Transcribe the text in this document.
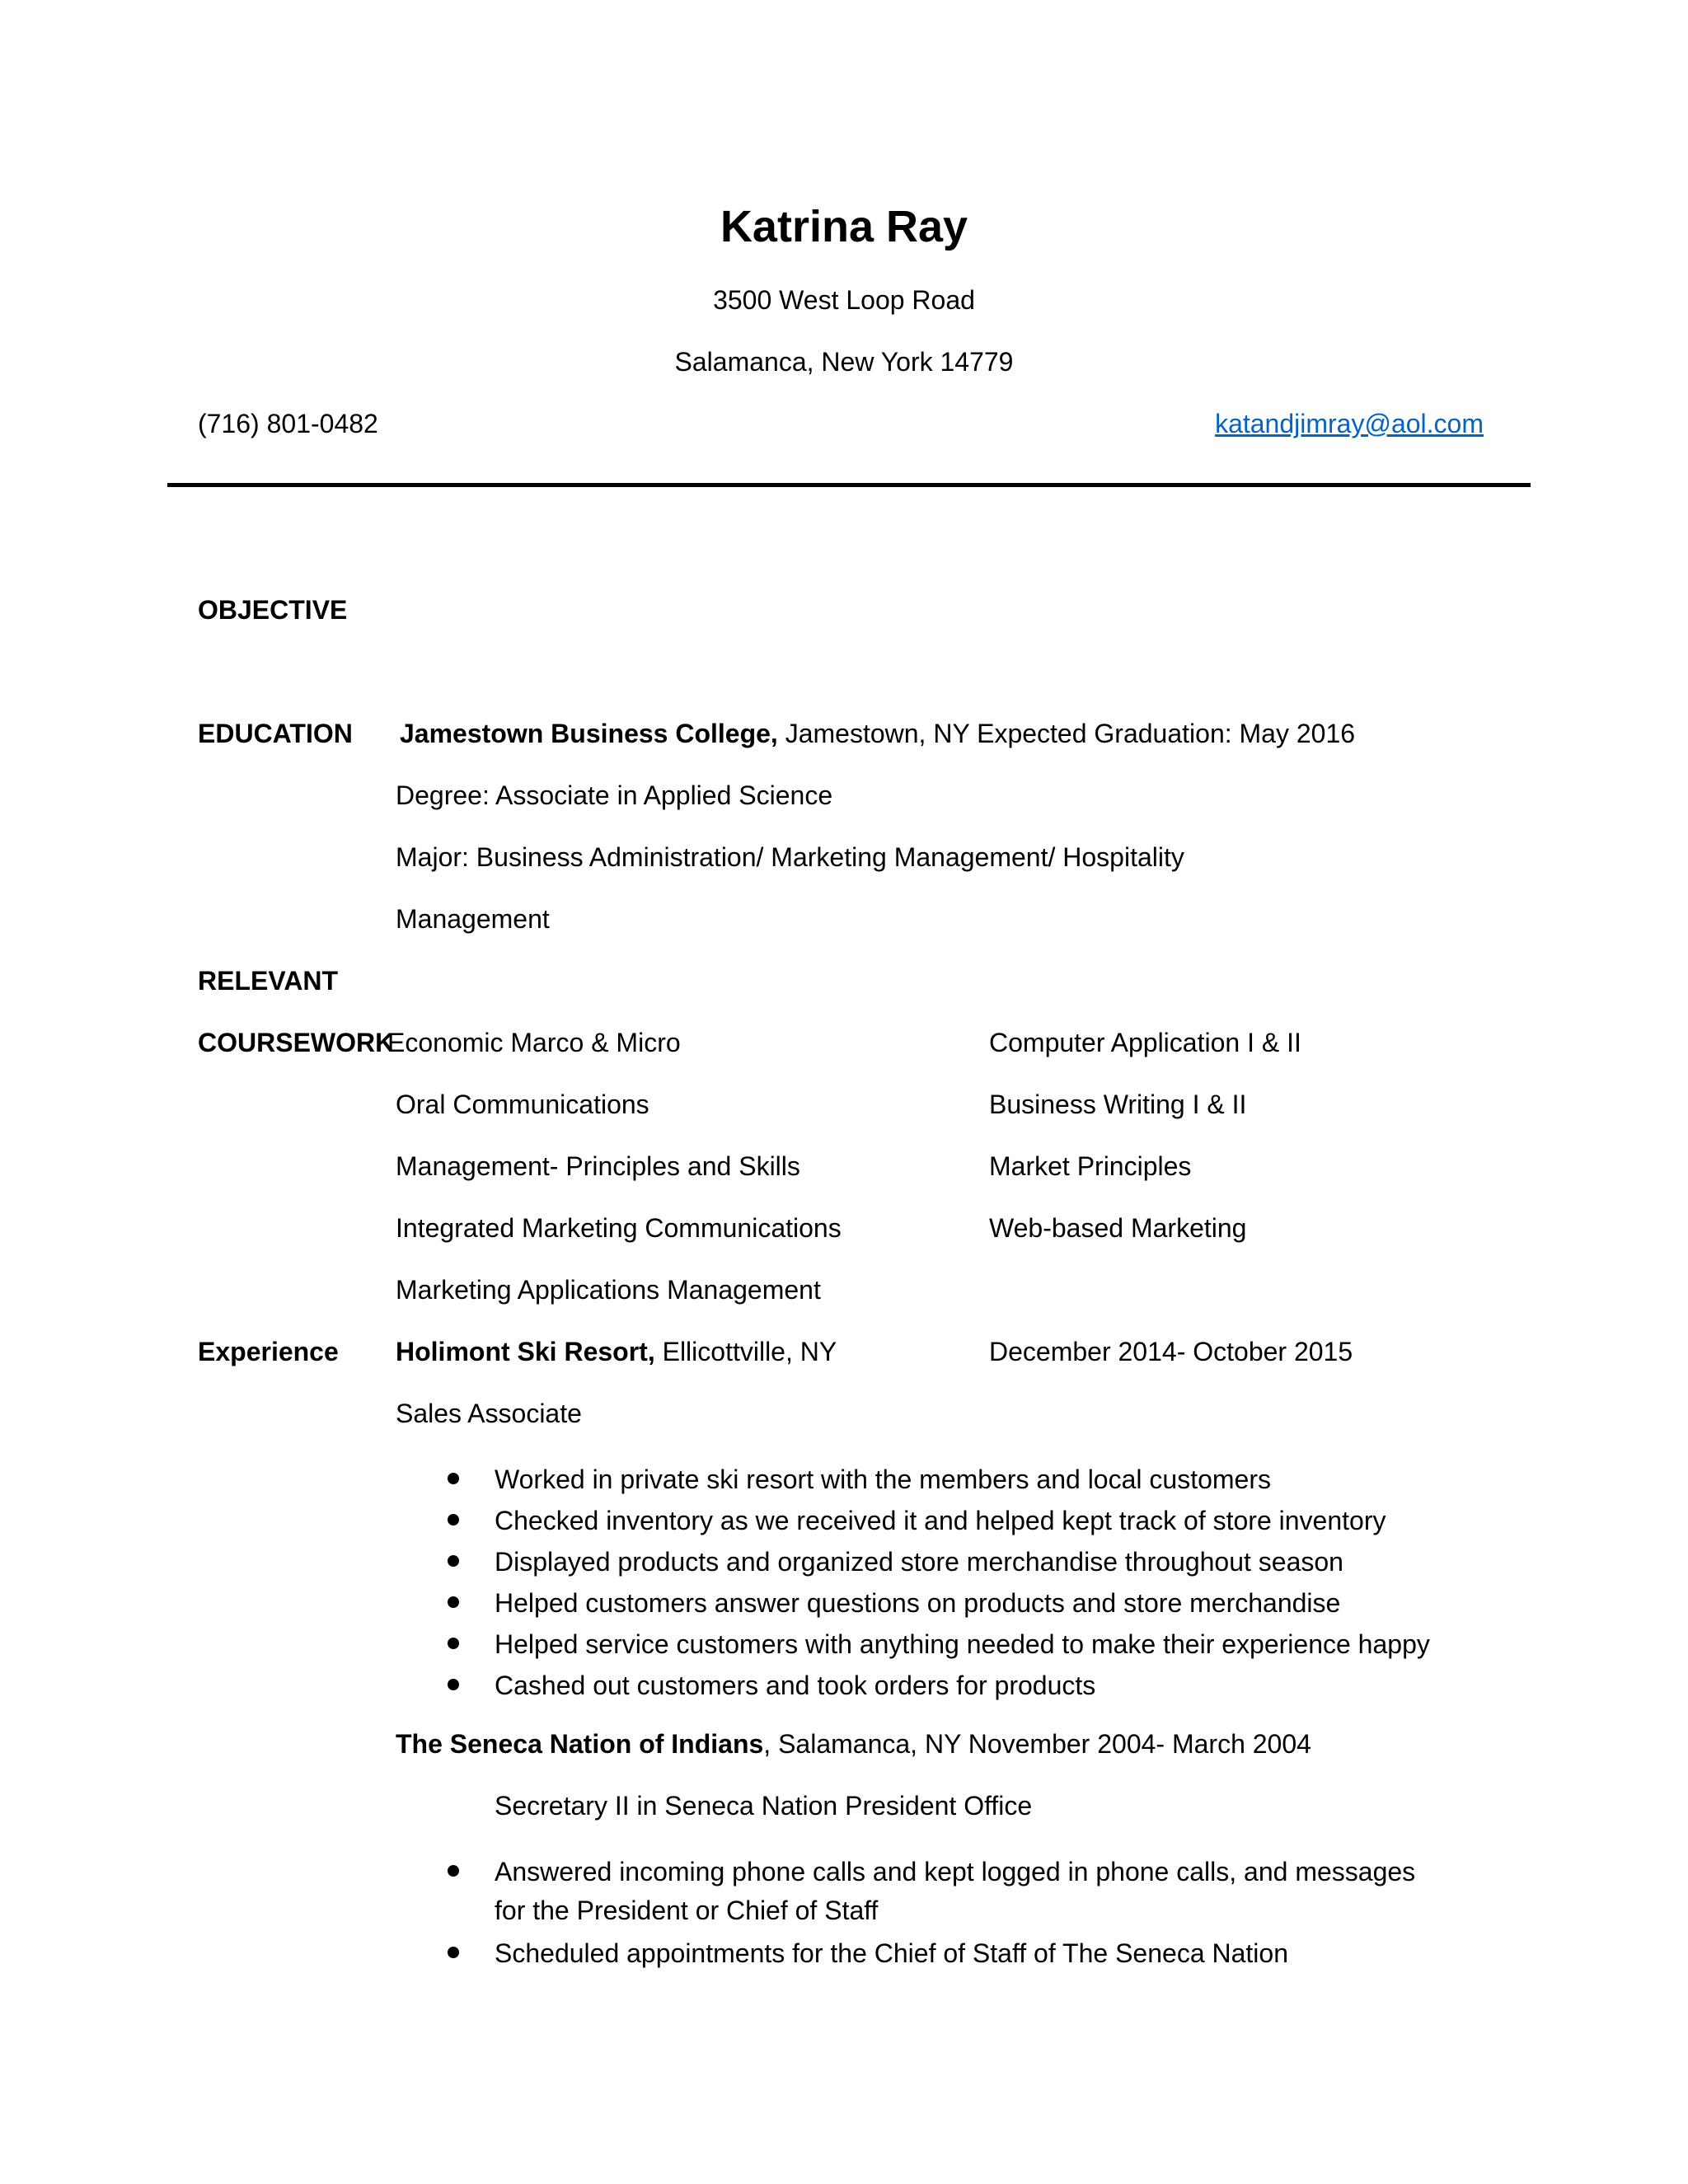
Katrina Ray
3500 West Loop Road
Salamanca, New York 14779
(716) 801-0482	katandjimray@aol.com
OBJECTIVE
EDUCATION Jamestown Business College, Jamestown, NY Expected Graduation: May 2016
Degree: Associate in Applied Science
Major: Business Administration/ Marketing Management/ Hospitality
Management
RELEVANT
COURSEWORK
Economic Marco & Micro
Oral Communications
Management- Principles and Skills
Integrated Marketing Communications
Marketing Applications Management
Computer Application I & II
Business Writing I & II
Market Principles
Web-based Marketing
Experience Holimont Ski Resort, Ellicottville, NY	December 2014- October 2015
Sales Associate
Worked in private ski resort with the members and local customers
Checked inventory as we received it and helped kept track of store inventory
Displayed products and organized store merchandise throughout season
Helped customers answer questions on products and store merchandise
Helped service customers with anything needed to make their experience happy
Cashed out customers and took orders for products
The Seneca Nation of Indians, Salamanca, NY November 2004- March 2004
Secretary II in Seneca Nation President Office
Answered incoming phone calls and kept logged in phone calls, and messages
for the President or Chief of Staff
Scheduled appointments for the Chief of Staff of The Seneca Nation
